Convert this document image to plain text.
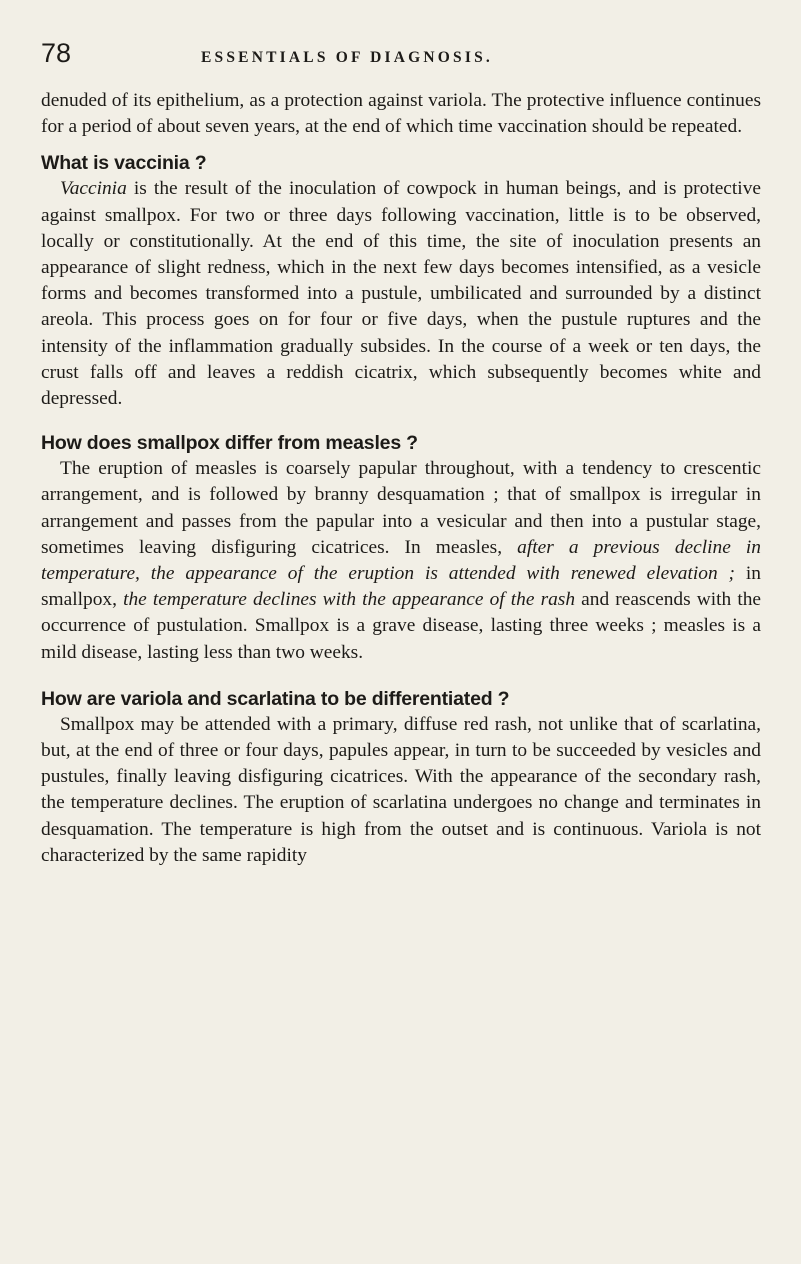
78	ESSENTIALS OF DIAGNOSIS.

denuded of its epithelium, as a protection against variola. The protective influence continues for a period of about seven years, at the end of which time vaccination should be repeated.

What is vaccinia ?

Vaccinia is the result of the inoculation of cowpock in human beings, and is protective against smallpox. For two or three days following vaccination, little is to be observed, locally or constitutionally. At the end of this time, the site of inoculation presents an appearance of slight redness, which in the next few days becomes intensified, as a vesicle forms and becomes transformed into a pustule, umbilicated and surrounded by a distinct areola. This process goes on for four or five days, when the pustule ruptures and the intensity of the inflammation gradually subsides. In the course of a week or ten days, the crust falls off and leaves a reddish cicatrix, which subsequently becomes white and depressed.

How does smallpox differ from measles ?

The eruption of measles is coarsely papular throughout, with a tendency to crescentic arrangement, and is followed by branny desquamation ; that of smallpox is irregular in arrangement and passes from the papular into a vesicular and then into a pustular stage, sometimes leaving disfiguring cicatrices. In measles, after a previous decline in temperature, the appearance of the eruption is attended with renewed elevation ; in smallpox, the temperature declines with the appearance of the rash and reascends with the occurrence of pustulation. Smallpox is a grave disease, lasting three weeks ; measles is a mild disease, lasting less than two weeks.

How are variola and scarlatina to be differentiated ?

Smallpox may be attended with a primary, diffuse red rash, not unlike that of scarlatina, but, at the end of three or four days, papules appear, in turn to be succeeded by vesicles and pustules, finally leaving disfiguring cicatrices. With the appearance of the secondary rash, the temperature declines. The eruption of scarlatina undergoes no change and terminates in desquamation. The temperature is high from the outset and is continuous. Variola is not characterized by the same rapidity
